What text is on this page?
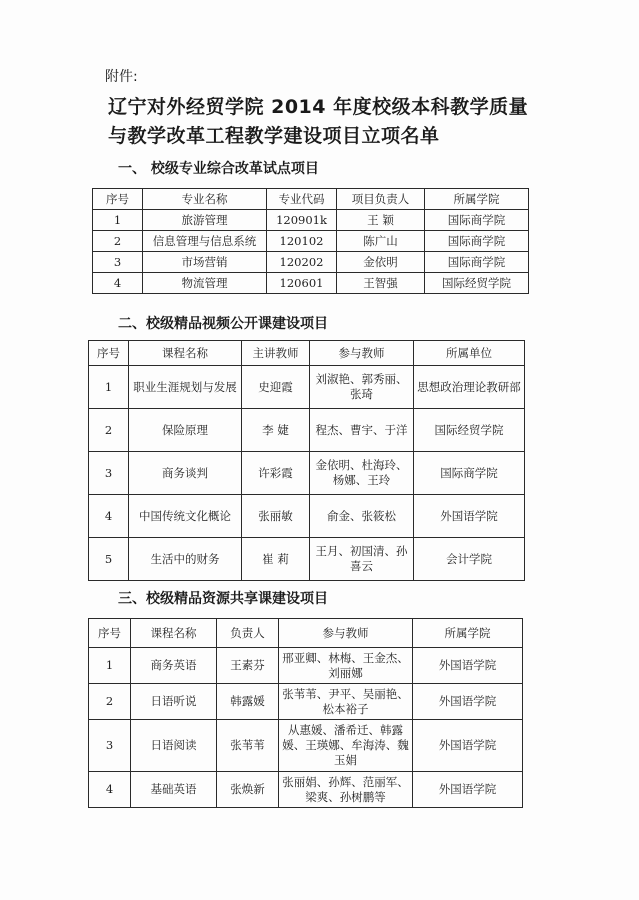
附件:
辽宁对外经贸学院 2014 年度校级本科教学质量
与教学改革工程教学建设项目立项名单
一、 校级专业综合改革试点项目
序号	专业名称	专业代码	项目负责人	所属学院
1	旅游管理	120901k	王 颖	国际商学院
2	信息管理与信息系统	120102	陈广山	国际商学院
3	市场营销	120202	金依明	国际商学院
4	物流管理	120601	王智强	国际经贸学院
二、校级精品视频公开课建设项目
序号	课程名称	主讲教师	参与教师	所属单位
1	职业生涯规划与发展	史迎霞	刘淑艳、郭秀丽、张琦	思想政治理论教研部
2	保险原理	李 婕	程杰、曹宇、于洋	国际经贸学院
3	商务谈判	许彩霞	金依明、杜海玲、杨娜、王玲	国际商学院
4	中国传统文化概论	张丽敏	俞金、张筱松	外国语学院
5	生活中的财务	崔 莉	王月、初国清、孙喜云	会计学院
三、校级精品资源共享课建设项目
序号	课程名称	负责人	参与教师	所属学院
1	商务英语	王素芬	邢亚卿、林梅、王金杰、刘丽娜	外国语学院
2	日语听说	韩露媛	张苇苇、尹平、吴丽艳、松本裕子	外国语学院
3	日语阅读	张苇苇	从惠媛、潘希迁、韩露媛、王瑛娜、牟海涛、魏玉娟	外国语学院
4	基础英语	张焕新	张丽娟、孙辉、范丽军、梁爽、孙树鹏等	外国语学院
